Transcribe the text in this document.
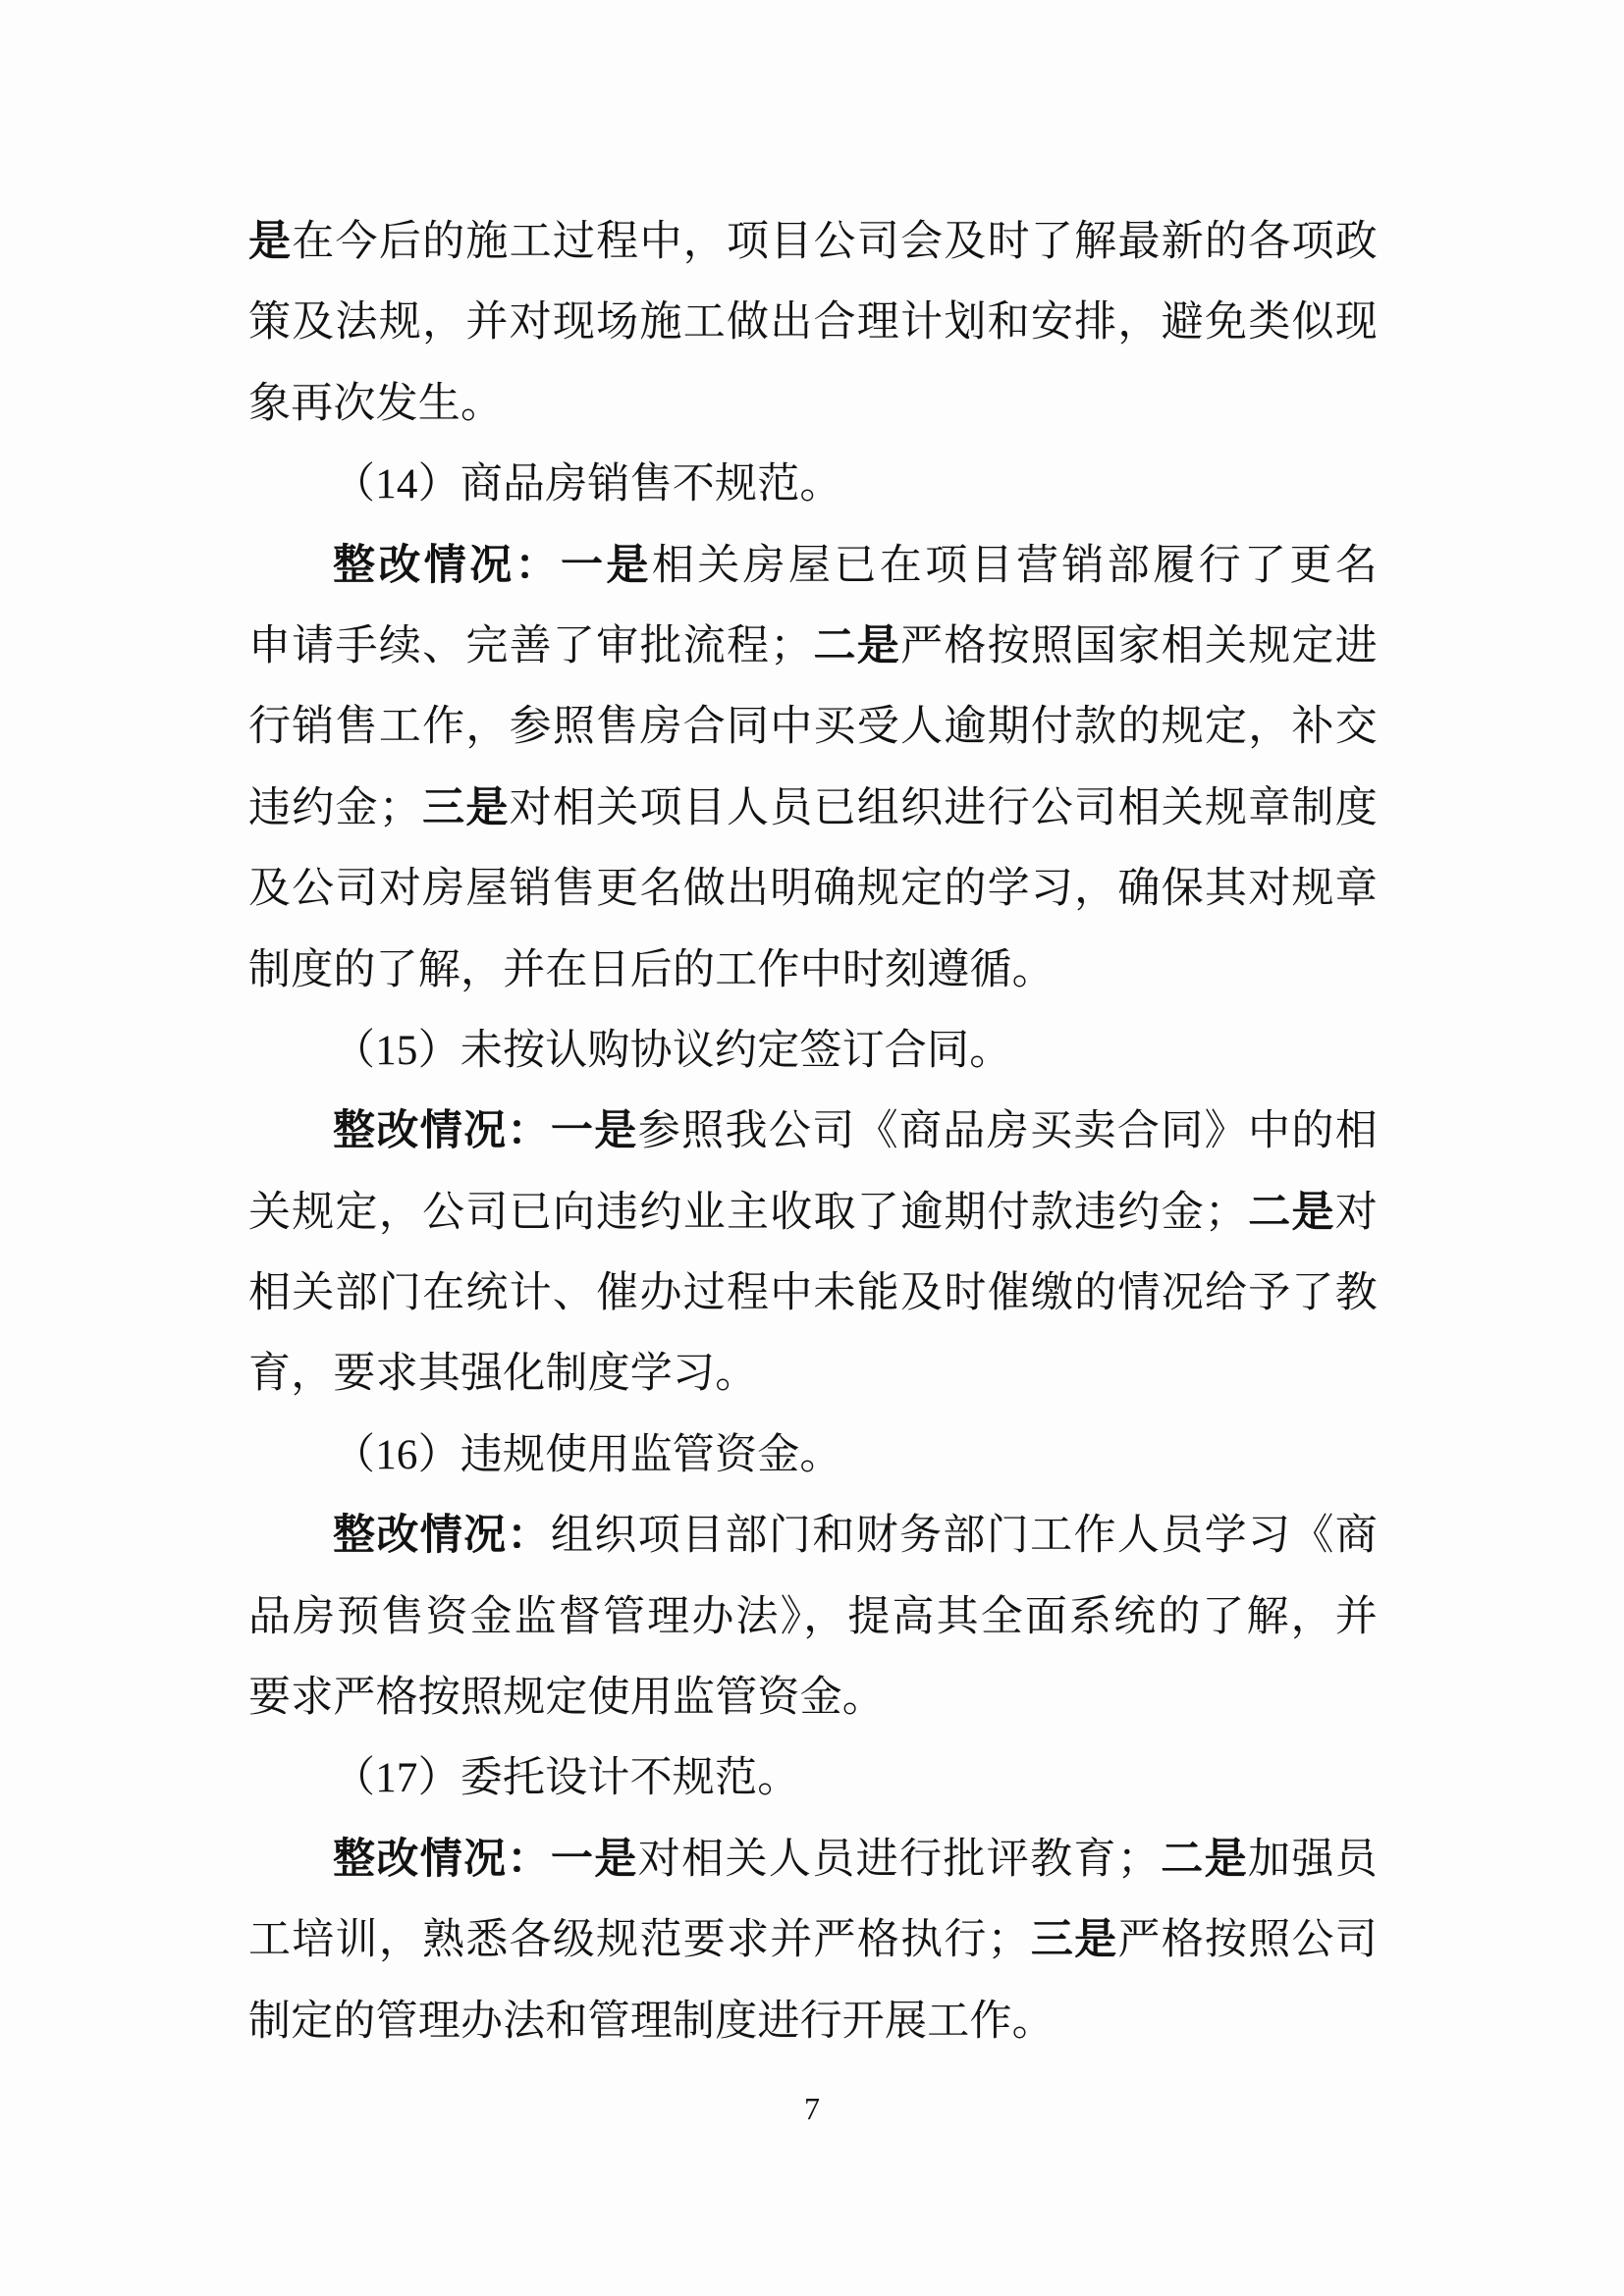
是在今后的施工过程中，项目公司会及时了解最新的各项政
策及法规，并对现场施工做出合理计划和安排，避免类似现
象再次发生。
（14）商品房销售不规范。
整改情况：一是相关房屋已在项目营销部履行了更名
申请手续、完善了审批流程；二是严格按照国家相关规定进
行销售工作，参照售房合同中买受人逾期付款的规定，补交
违约金；三是对相关项目人员已组织进行公司相关规章制度
及公司对房屋销售更名做出明确规定的学习，确保其对规章
制度的了解，并在日后的工作中时刻遵循。
（15）未按认购协议约定签订合同。
整改情况：一是参照我公司《商品房买卖合同》中的相
关规定，公司已向违约业主收取了逾期付款违约金；二是对
相关部门在统计、催办过程中未能及时催缴的情况给予了教
育，要求其强化制度学习。
（16）违规使用监管资金。
整改情况：组织项目部门和财务部门工作人员学习《商
品房预售资金监督管理办法》，提高其全面系统的了解，并
要求严格按照规定使用监管资金。
（17）委托设计不规范。
整改情况：一是对相关人员进行批评教育；二是加强员
工培训，熟悉各级规范要求并严格执行；三是严格按照公司
制定的管理办法和管理制度进行开展工作。
7
